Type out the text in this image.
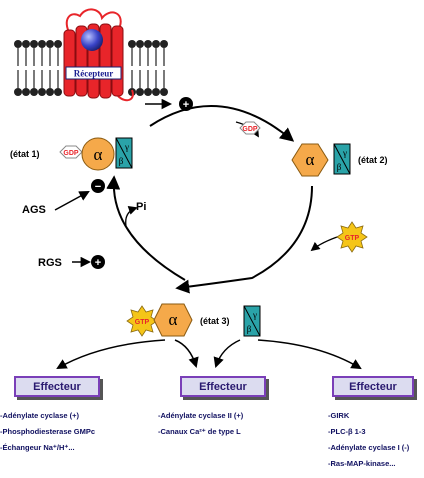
Récepteur
+
GDP
GDP α	γ
β
(état 1)	α	γ
β
(état 2)
GTP
GTP α	γ
β
(état 3)
Pi
−
AGS
RGS	+
Effecteur
-Adénylate cyclase (+)
-Phosphodiesterase GMPc
-Échangeur Na⁺/H⁺...
Effecteur
-Adénylate cyclase II (+)
-Canaux Ca²⁺ de type L
Effecteur
-GIRK
-PLC-β 1-3
-Adénylate cyclase I (-)
-Ras-MAP-kinase...
